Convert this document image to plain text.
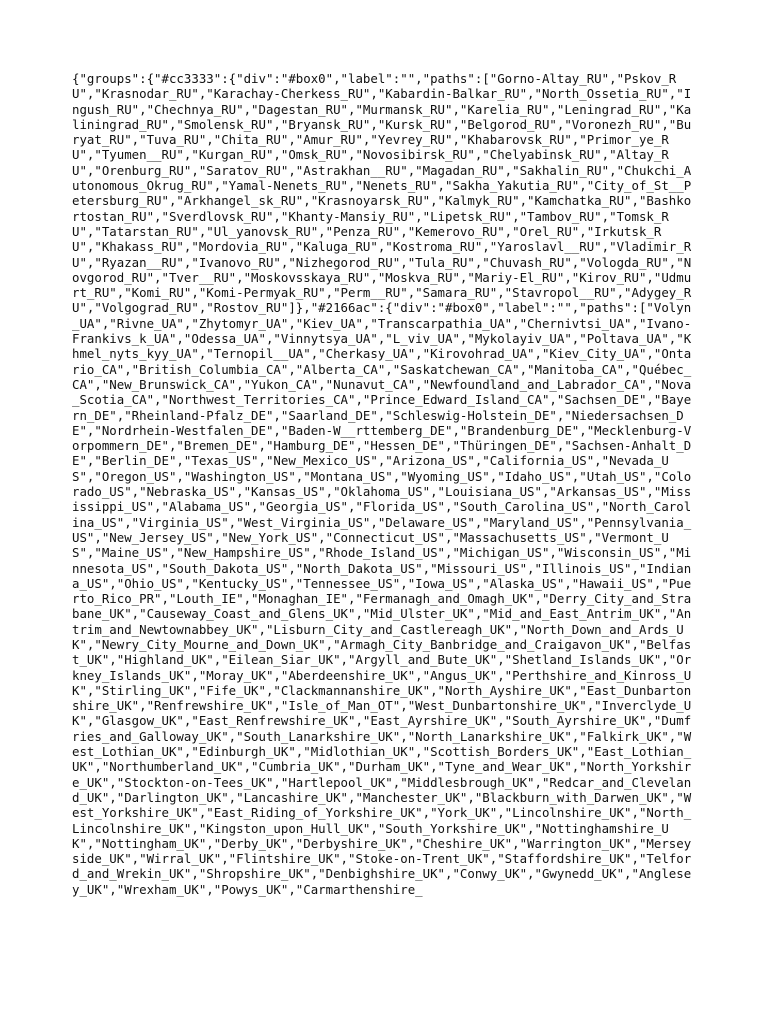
{"groups":{"#cc3333":{"div":"#box0","label":"","paths":["Gorno-Altay_RU","Pskov_RU","Krasnodar_RU","Karachay-Cherkess_RU","Kabardin-Balkar_RU","North_Ossetia_RU","Ingush_RU","Chechnya_RU","Dagestan_RU","Murmansk_RU","Karelia_RU","Leningrad_RU","Kaliningrad_RU","Smolensk_RU","Bryansk_RU","Kursk_RU","Belgorod_RU","Voronezh_RU","Buryat_RU","Tuva_RU","Chita_RU","Amur_RU","Yevrey_RU","Khabarovsk_RU","Primor_ye_RU","Tyumen__RU","Kurgan_RU","Omsk_RU","Novosibirsk_RU","Chelyabinsk_RU","Altay_RU","Orenburg_RU","Saratov_RU","Astrakhan__RU","Magadan_RU","Sakhalin_RU","Chukchi_Autonomous_Okrug_RU","Yamal-Nenets_RU","Nenets_RU","Sakha_Yakutia_RU","City_of_St__Petersburg_RU","Arkhangel_sk_RU","Krasnoyarsk_RU","Kalmyk_RU","Kamchatka_RU","Bashkortostan_RU","Sverdlovsk_RU","Khanty-Mansiy_RU","Lipetsk_RU","Tambov_RU","Tomsk_RU","Tatarstan_RU","Ul_yanovsk_RU","Penza_RU","Kemerovo_RU","Orel_RU","Irkutsk_RU","Khakass_RU","Mordovia_RU","Kaluga_RU","Kostroma_RU","Yaroslavl__RU","Vladimir_RU","Ryazan__RU","Ivanovo_RU","Nizhegorod_RU","Tula_RU","Chuvash_RU","Vologda_RU","Novgorod_RU","Tver__RU","Moskovsskaya_RU","Moskva_RU","Mariy-El_RU","Kirov_RU","Udmurt_RU","Komi_RU","Komi-Permyak_RU","Perm__RU","Samara_RU","Stavropol__RU","Adygey_RU","Volgograd_RU","Rostov_RU"]},"#2166ac":{"div":"#box0","label":"","paths":["Volyn_UA","Rivne_UA","Zhytomyr_UA","Kiev_UA","Transcarpathia_UA","Chernivtsi_UA","Ivano-Frankivs_k_UA","Odessa_UA","Vinnytsya_UA","L_viv_UA","Mykolayiv_UA","Poltava_UA","Khmel_nyts_kyy_UA","Ternopil__UA","Cherkasy_UA","Kirovohrad_UA","Kiev_City_UA","Ontario_CA","British_Columbia_CA","Alberta_CA","Saskatchewan_CA","Manitoba_CA","Québec_CA","New_Brunswick_CA","Yukon_CA","Nunavut_CA","Newfoundland_and_Labrador_CA","Nova_Scotia_CA","Northwest_Territories_CA","Prince_Edward_Island_CA","Sachsen_DE","Bayern_DE","Rheinland-Pfalz_DE","Saarland_DE","Schleswig-Holstein_DE","Niedersachsen_DE","Nordrhein-Westfalen_DE","Baden-W__rttemberg_DE","Brandenburg_DE","Mecklenburg-Vorpommern_DE","Bremen_DE","Hamburg_DE","Hessen_DE","Thüringen_DE","Sachsen-Anhalt_DE","Berlin_DE","Texas_US","New_Mexico_US","Arizona_US","California_US","Nevada_US","Oregon_US","Washington_US","Montana_US","Wyoming_US","Idaho_US","Utah_US","Colorado_US","Nebraska_US","Kansas_US","Oklahoma_US","Louisiana_US","Arkansas_US","Mississippi_US","Alabama_US","Georgia_US","Florida_US","South_Carolina_US","North_Carolina_US","Virginia_US","West_Virginia_US","Delaware_US","Maryland_US","Pennsylvania_US","New_Jersey_US","New_York_US","Connecticut_US","Massachusetts_US","Vermont_US","Maine_US","New_Hampshire_US","Rhode_Island_US","Michigan_US","Wisconsin_US","Minnesota_US","South_Dakota_US","North_Dakota_US","Missouri_US","Illinois_US","Indiana_US","Ohio_US","Kentucky_US","Tennessee_US","Iowa_US","Alaska_US","Hawaii_US","Puerto_Rico_PR","Louth_IE","Monaghan_IE","Fermanagh_and_Omagh_UK","Derry_City_and_Strabane_UK","Causeway_Coast_and_Glens_UK","Mid_Ulster_UK","Mid_and_East_Antrim_UK","Antrim_and_Newtownabbey_UK","Lisburn_City_and_Castlereagh_UK","North_Down_and_Ards_UK","Newry_City_Mourne_and_Down_UK","Armagh_City_Banbridge_and_Craigavon_UK","Belfast_UK","Highland_UK","Eilean_Siar_UK","Argyll_and_Bute_UK","Shetland_Islands_UK","Orkney_Islands_UK","Moray_UK","Aberdeenshire_UK","Angus_UK","Perthshire_and_Kinross_UK","Stirling_UK","Fife_UK","Clackmannanshire_UK","North_Ayshire_UK","East_Dunbartonshire_UK","Renfrewshire_UK","Isle_of_Man_OT","West_Dunbartonshire_UK","Inverclyde_UK","Glasgow_UK","East_Renfrewshire_UK","East_Ayrshire_UK","South_Ayrshire_UK","Dumfries_and_Galloway_UK","South_Lanarkshire_UK","North_Lanarkshire_UK","Falkirk_UK","West_Lothian_UK","Edinburgh_UK","Midlothian_UK","Scottish_Borders_UK","East_Lothian_UK","Northumberland_UK","Cumbria_UK","Durham_UK","Tyne_and_Wear_UK","North_Yorkshire_UK","Stockton-on-Tees_UK","Hartlepool_UK","Middlesbrough_UK","Redcar_and_Cleveland_UK","Darlington_UK","Lancashire_UK","Manchester_UK","Blackburn_with_Darwen_UK","West_Yorkshire_UK","East_Riding_of_Yorkshire_UK","York_UK","Lincolnshire_UK","North_Lincolnshire_UK","Kingston_upon_Hull_UK","South_Yorkshire_UK","Nottinghamshire_UK","Nottingham_UK","Derby_UK","Derbyshire_UK","Cheshire_UK","Warrington_UK","Merseyside_UK","Wirral_UK","Flintshire_UK","Stoke-on-Trent_UK","Staffordshire_UK","Telford_and_Wrekin_UK","Shropshire_UK","Denbighshire_UK","Conwy_UK","Gwynedd_UK","Anglesey_UK","Wrexham_UK","Powys_UK","Carmarthenshire_
